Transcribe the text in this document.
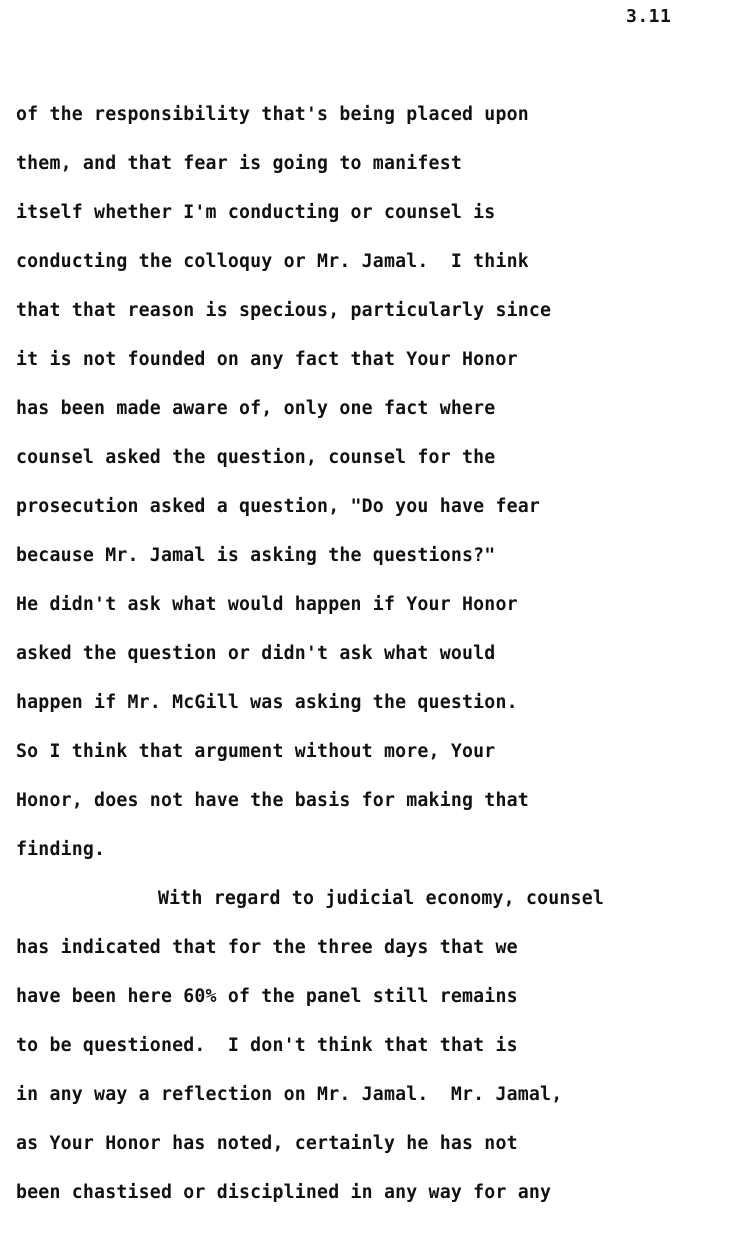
3.11
of the responsibility that's being placed upon
them, and that fear is going to manifest
itself whether I'm conducting or counsel is
conducting the colloquy or Mr. Jamal.  I think
that that reason is specious, particularly since
it is not founded on any fact that Your Honor
has been made aware of, only one fact where
counsel asked the question, counsel for the
prosecution asked a question, "Do you have fear
because Mr. Jamal is asking the questions?"
He didn't ask what would happen if Your Honor
asked the question or didn't ask what would
happen if Mr. McGill was asking the question.
So I think that argument without more, Your
Honor, does not have the basis for making that
finding.
With regard to judicial economy, counsel
has indicated that for the three days that we
have been here 60% of the panel still remains
to be questioned.  I don't think that that is
in any way a reflection on Mr. Jamal.  Mr. Jamal,
as Your Honor has noted, certainly he has not
been chastised or disciplined in any way for any
